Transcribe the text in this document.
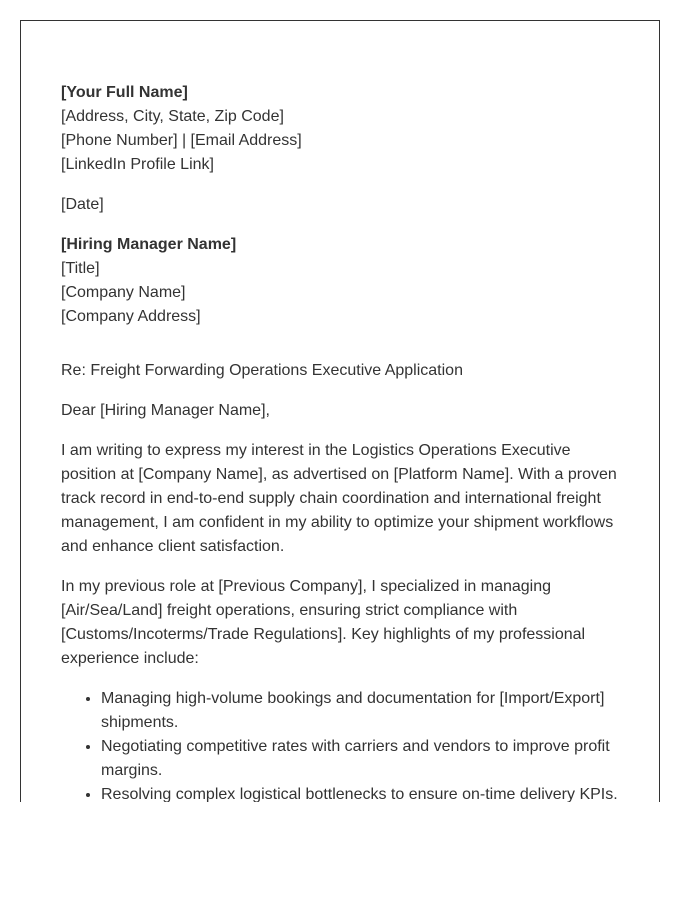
[Your Full Name]
[Address, City, State, Zip Code]
[Phone Number] | [Email Address]
[LinkedIn Profile Link]
[Date]
[Hiring Manager Name]
[Title]
[Company Name]
[Company Address]
Re: Freight Forwarding Operations Executive Application

Dear [Hiring Manager Name],

I am writing to express my interest in the Logistics Operations Executive position at [Company Name], as advertised on [Platform Name]. With a proven track record in end-to-end supply chain coordination and international freight management, I am confident in my ability to optimize your shipment workflows and enhance client satisfaction.

In my previous role at [Previous Company], I specialized in managing [Air/Sea/Land] freight operations, ensuring strict compliance with [Customs/Incoterms/Trade Regulations]. Key highlights of my professional experience include:

• Managing high-volume bookings and documentation for [Import/Export] shipments.
• Negotiating competitive rates with carriers and vendors to improve profit margins.
• Resolving complex logistical bottlenecks to ensure on-time delivery KPIs.
